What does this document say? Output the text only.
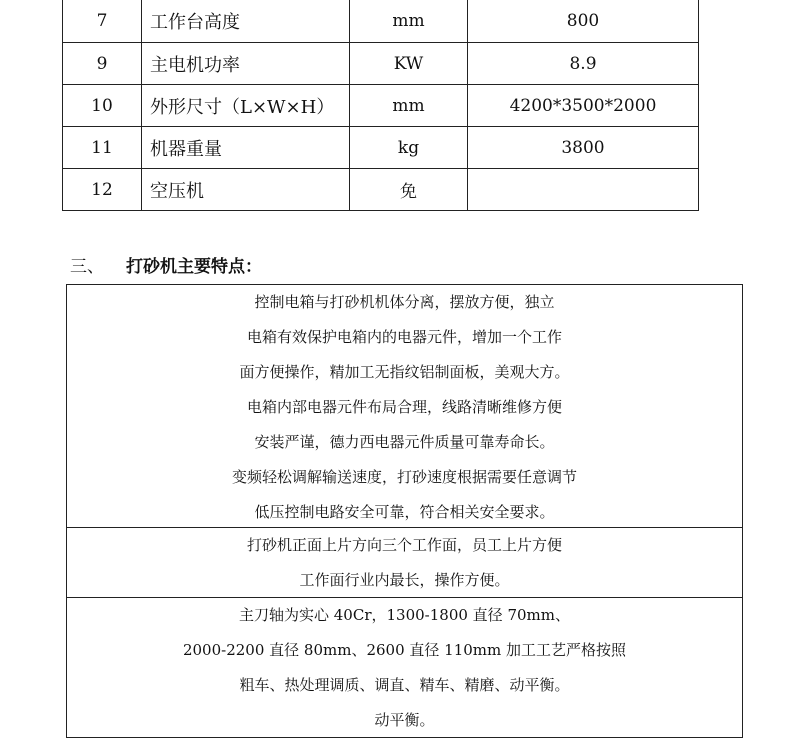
7	工作台高度	mm	800
9	主电机功率	KW	8.9
10	外形尺寸（L×W×H）	mm	4200*3500*2000
11	机器重量	kg	3800
12	空压机	免	
三、 打砂机主要特点：
控制电箱与打砂机机体分离，摆放方便，独立
电箱有效保护电箱内的电器元件，增加一个工作
面方便操作，精加工无指纹铝制面板，美观大方。
电箱内部电器元件布局合理，线路清晰维修方便
安装严谨，德力西电器元件质量可靠寿命长。
变频轻松调解输送速度，打砂速度根据需要任意调节
低压控制电路安全可靠，符合相关安全要求。
打砂机正面上片方向三个工作面，员工上片方便
工作面行业内最长，操作方便。
主刀轴为实心 40Cr，1300-1800 直径 70mm、
2000-2200 直径 80mm、2600 直径 110mm 加工工艺严格按照
粗车、热处理调质、调直、精车、精磨、动平衡。
动平衡。
